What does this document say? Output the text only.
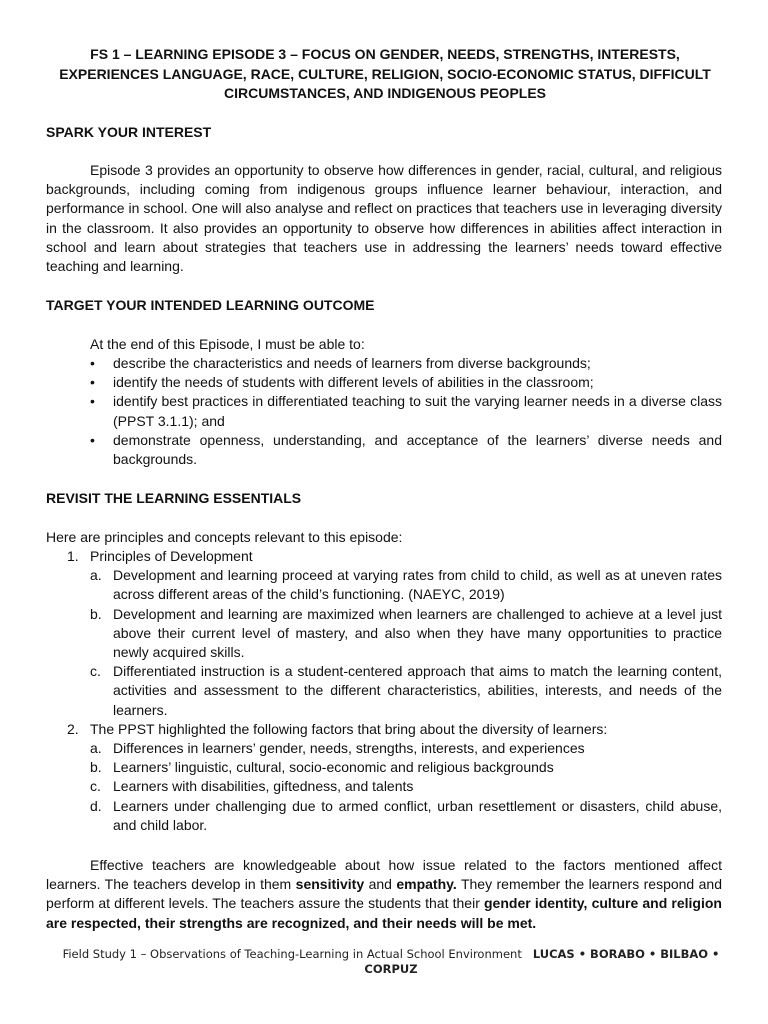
FS 1 – LEARNING EPISODE 3 – FOCUS ON GENDER, NEEDS, STRENGTHS, INTERESTS, EXPERIENCES LANGUAGE, RACE, CULTURE, RELIGION, SOCIO-ECONOMIC STATUS, DIFFICULT CIRCUMSTANCES, AND INDIGENOUS PEOPLES
SPARK YOUR INTEREST

Episode 3 provides an opportunity to observe how differences in gender, racial, cultural, and religious backgrounds, including coming from indigenous groups influence learner behaviour, interaction, and performance in school. One will also analyse and reflect on practices that teachers use in leveraging diversity in the classroom. It also provides an opportunity to observe how differences in abilities affect interaction in school and learn about strategies that teachers use in addressing the learners’ needs toward effective teaching and learning.

TARGET YOUR INTENDED LEARNING OUTCOME
At the end of this Episode, I must be able to:
• describe the characteristics and needs of learners from diverse backgrounds;
• identify the needs of students with different levels of abilities in the classroom;
• identify best practices in differentiated teaching to suit the varying learner needs in a diverse class (PPST 3.1.1); and
• demonstrate openness, understanding, and acceptance of the learners’ diverse needs and backgrounds.
REVISIT THE LEARNING ESSENTIALS
Here are principles and concepts relevant to this episode:
1. Principles of Development
a. Development and learning proceed at varying rates from child to child, as well as at uneven rates across different areas of the child’s functioning. (NAEYC, 2019)
b. Development and learning are maximized when learners are challenged to achieve at a level just above their current level of mastery, and also when they have many opportunities to practice newly acquired skills.
c. Differentiated instruction is a student-centered approach that aims to match the learning content, activities and assessment to the different characteristics, abilities, interests, and needs of the learners.
2. The PPST highlighted the following factors that bring about the diversity of learners:
a. Differences in learners’ gender, needs, strengths, interests, and experiences
b. Learners’ linguistic, cultural, socio-economic and religious backgrounds
c. Learners with disabilities, giftedness, and talents
d. Learners under challenging due to armed conflict, urban resettlement or disasters, child abuse, and child labor.

Effective teachers are knowledgeable about how issue related to the factors mentioned affect learners. The teachers develop in them sensitivity and empathy. They remember the learners respond and perform at different levels. The teachers assure the students that their gender identity, culture and religion are respected, their strengths are recognized, and their needs will be met.

Field Study 1 – Observations of Teaching-Learning in Actual School Environment LUCAS • BORABO • BILBAO • CORPUZ
